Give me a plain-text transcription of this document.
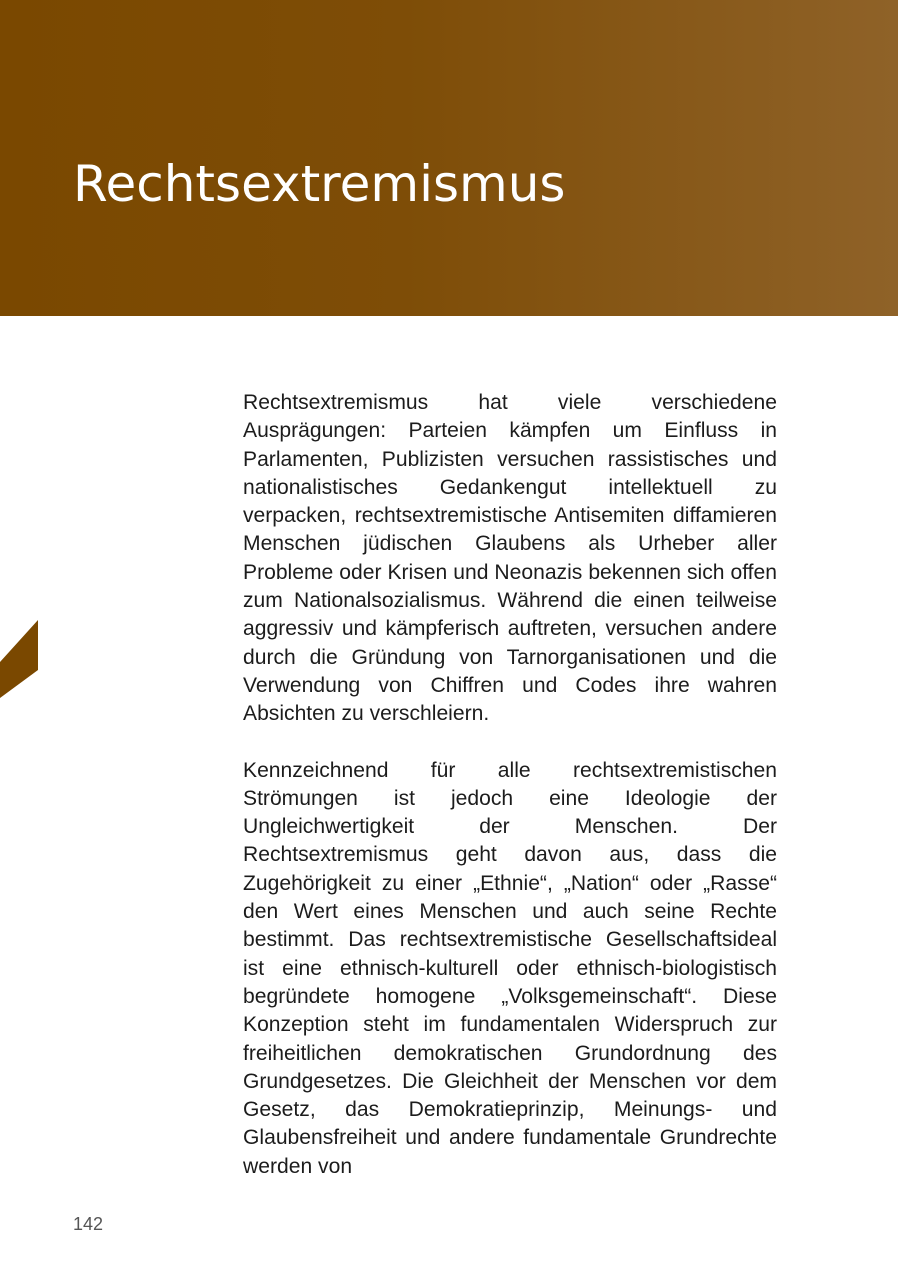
Rechtsextremismus

Rechtsextremismus hat viele verschiedene Ausprägungen: Parteien kämpfen um Einfluss in Parlamenten, Publizisten versuchen rassistisches und nationalistisches Gedankengut intellektuell zu verpacken, rechtsextremistische Antisemiten diffamieren Menschen jüdischen Glaubens als Urheber aller Probleme oder Krisen und Neonazis bekennen sich offen zum Nationalsozialismus. Während die einen teilweise aggressiv und kämpferisch auftreten, versuchen andere durch die Gründung von Tarnorganisationen und die Verwendung von Chiffren und Codes ihre wahren Absichten zu verschleiern.

Kennzeichnend für alle rechtsextremistischen Strömungen ist jedoch eine Ideologie der Ungleichwertigkeit der Menschen. Der Rechtsextremismus geht davon aus, dass die Zugehörigkeit zu einer „Ethnie“, „Nation“ oder „Rasse“ den Wert eines Menschen und auch seine Rechte bestimmt. Das rechtsextremistische Gesellschaftsideal ist eine ethnisch-kulturell oder ethnisch-biologistisch begründete homogene „Volksgemeinschaft“. Diese Konzeption steht im fundamentalen Widerspruch zur freiheitlichen demokratischen Grundordnung des Grundgesetzes. Die Gleichheit der Menschen vor dem Gesetz, das Demokratieprinzip, Meinungs- und Glaubensfreiheit und andere fundamentale Grundrechte werden von

142
